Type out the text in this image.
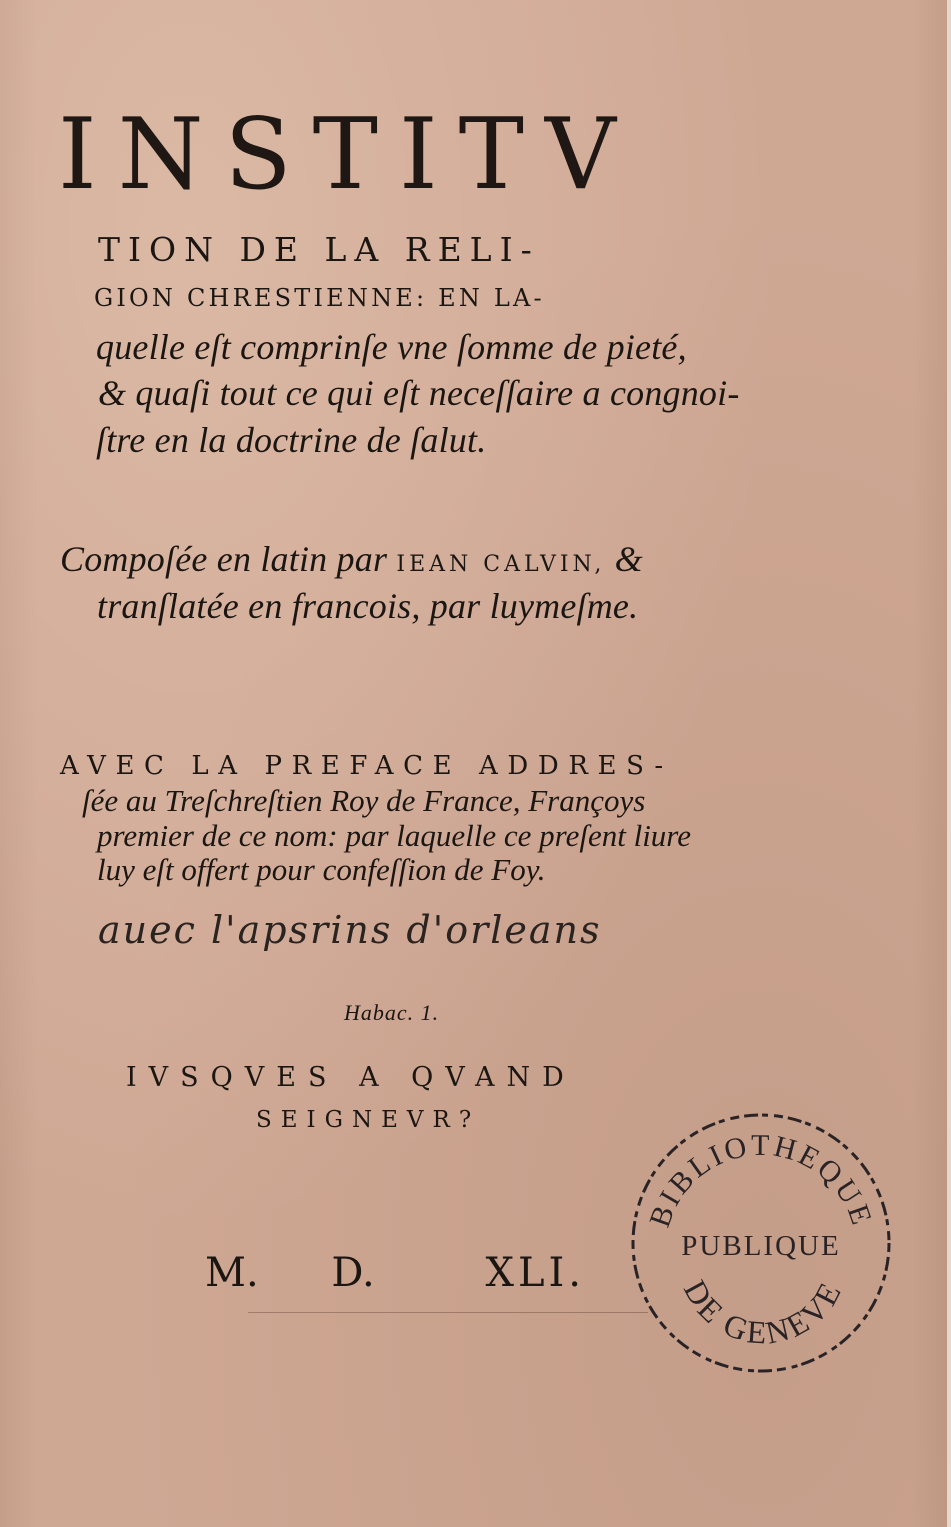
INSTITV
TION DE LA RELI-
GION CHRESTIENNE: EN LA-
quelle eſt comprinſe vne ſomme de pieté,
& quaſi tout ce qui eſt neceſſaire a congnoi-
ſtre en la doctrine de ſalut.
Compoſée en latin par IEAN CALVIN, &
tranſlatée en francois, par luymeſme.
AVEC LA PREFACE ADDRES-
ſée au Treſchreſtien Roy de France, Françoys
premier de ce nom: par laquelle ce preſent liure
luy eſt offert pour confeſſion de Foy.
auec l'apsrins d'orleans
Habac. 1.
IVSQVES A QVAND
SEIGNEVR?
M. D.	XLI.
BIBLIOTHEQUE
PUBLIQUE
DE GENEVE
